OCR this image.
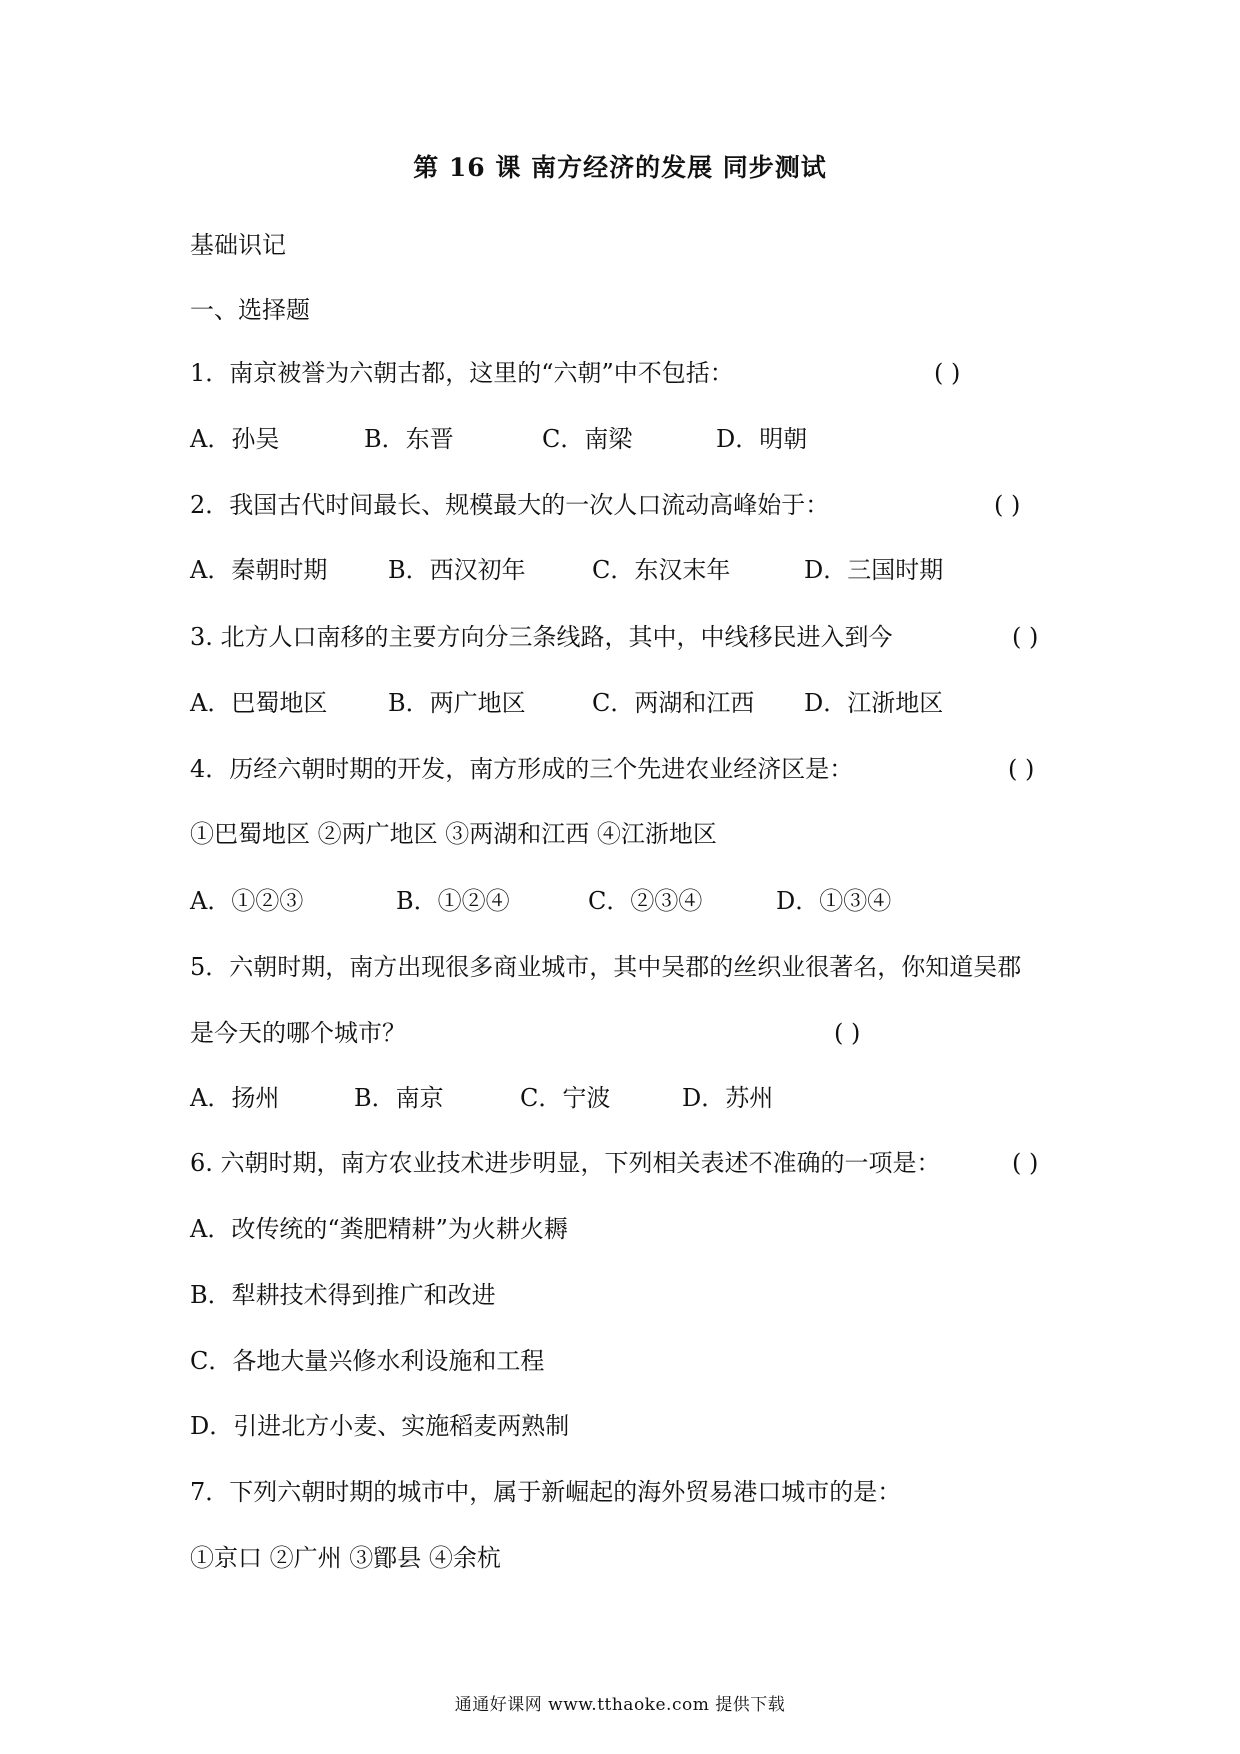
第 16 课 南方经济的发展 同步测试
基础识记
一、选择题
1．南京被誉为六朝古都，这里的“六朝”中不包括：	( )
A．孙吴	B．东晋	C．南梁	D．明朝
2．我国古代时间最长、规模最大的一次人口流动高峰始于：	( )
A．秦朝时期	B．西汉初年	C．东汉末年	D．三国时期
3. 北方人口南移的主要方向分三条线路，其中，中线移民进入到今	( )
A．巴蜀地区	B．两广地区	C．两湖和江西 D．江浙地区
4．历经六朝时期的开发，南方形成的三个先进农业经济区是：	( )
①巴蜀地区 ②两广地区 ③两湖和江西 ④江浙地区
A．①②③	B．①②④	C．②③④	D．①③④
5．六朝时期，南方出现很多商业城市，其中吴郡的丝织业很著名，你知道吴郡
是今天的哪个城市？	( )
A．扬州	B．南京	C．宁波	D．苏州
6. 六朝时期，南方农业技术进步明显，下列相关表述不准确的一项是：	( )
A．改传统的“粪肥精耕”为火耕火耨
B．犁耕技术得到推广和改进
C．各地大量兴修水利设施和工程
D．引进北方小麦、实施稻麦两熟制
7．下列六朝时期的城市中，属于新崛起的海外贸易港口城市的是：
①京口 ②广州 ③鄮县 ④余杭
通通好课网 www.tthaoke.com 提供下载
